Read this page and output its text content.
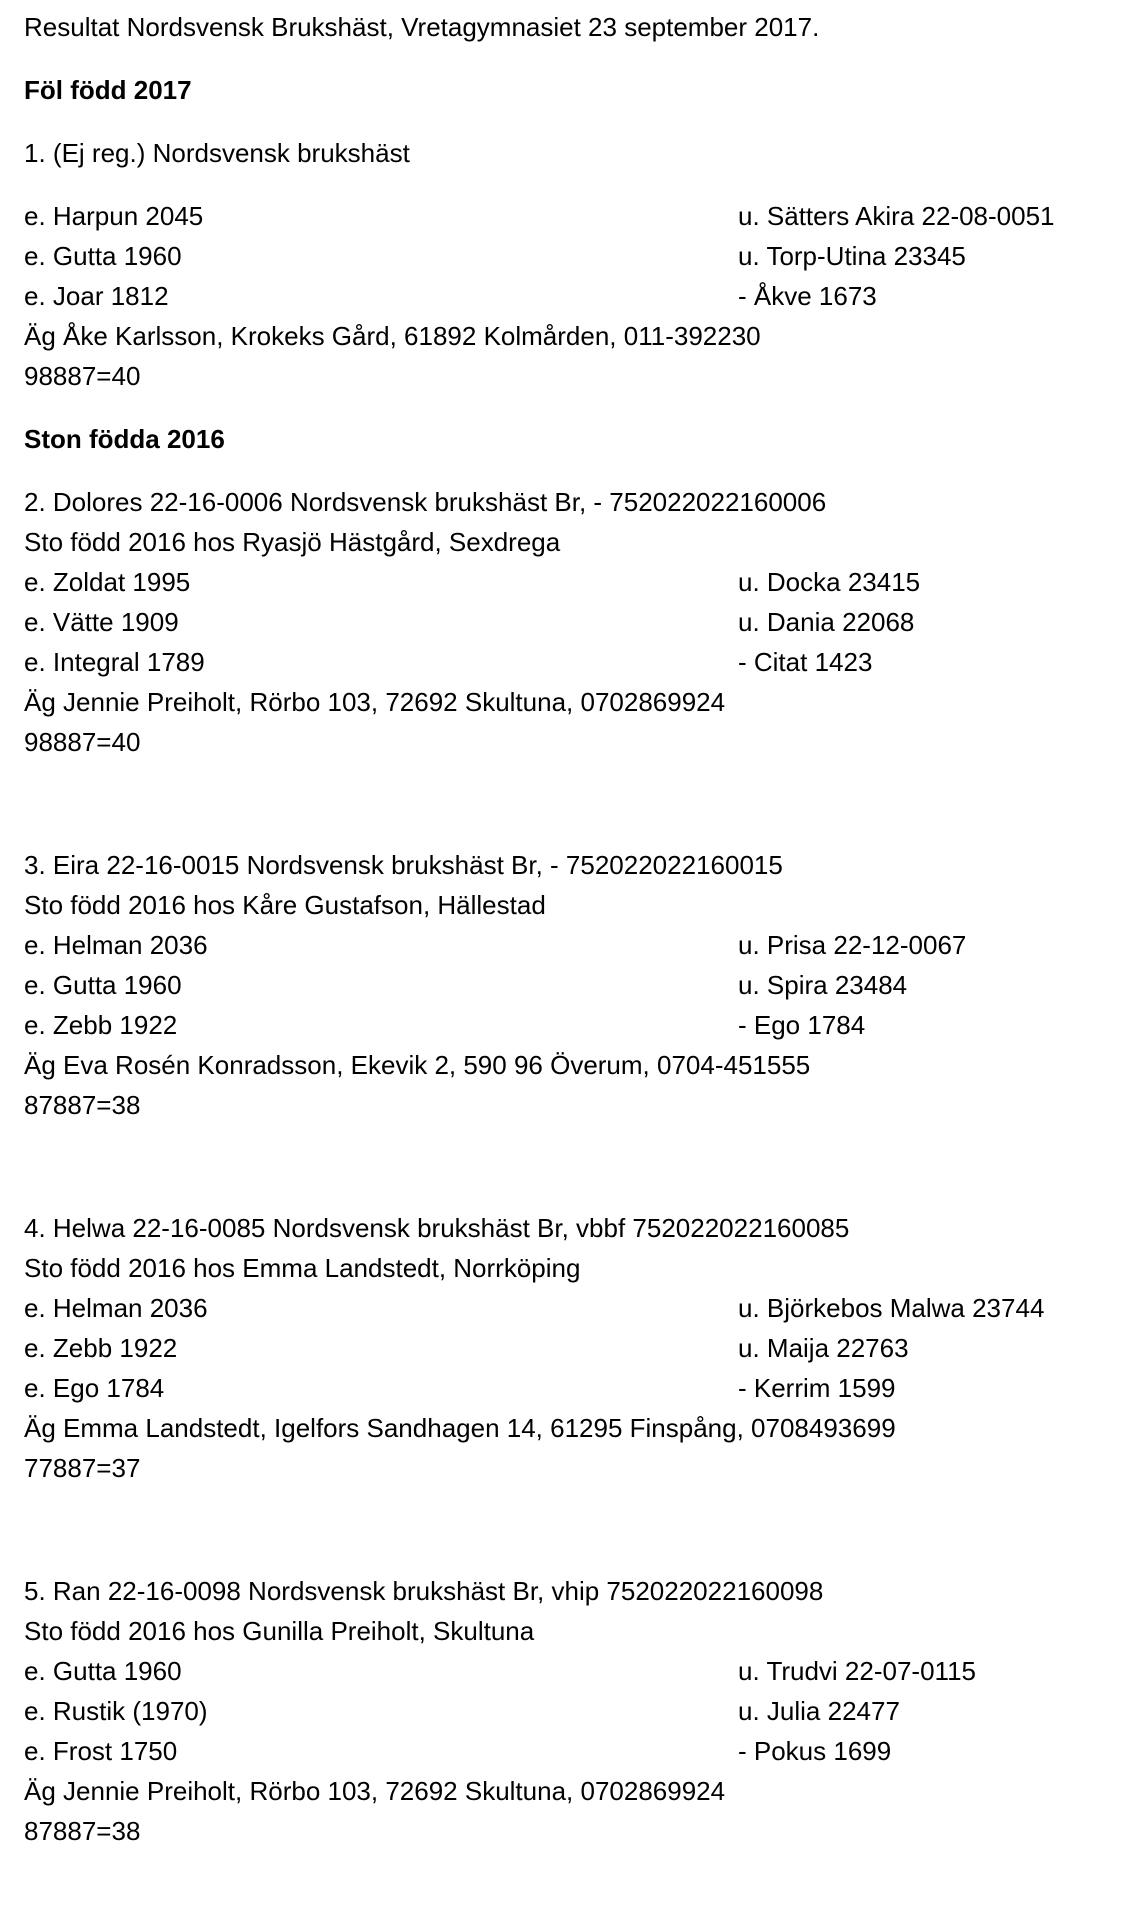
Resultat Nordsvensk Brukshäst, Vretagymnasiet 23 september 2017.
Föl född 2017
1. (Ej reg.) Nordsvensk brukshäst
e. Harpun 2045	u. Sätters Akira 22-08-0051
e. Gutta 1960	u. Torp-Utina 23345
e. Joar 1812	- Åkve 1673
Äg Åke Karlsson, Krokeks Gård, 61892 Kolmården, 011-392230
98887=40
Ston födda 2016
2. Dolores 22-16-0006 Nordsvensk brukshäst Br, - 752022022160006
Sto född 2016 hos Ryasjö Hästgård, Sexdrega
e. Zoldat 1995	u. Docka 23415
e. Vätte 1909	u. Dania 22068
e. Integral 1789	- Citat 1423
Äg Jennie Preiholt, Rörbo 103, 72692 Skultuna, 0702869924
98887=40
3. Eira 22-16-0015 Nordsvensk brukshäst Br, - 752022022160015
Sto född 2016 hos Kåre Gustafson, Hällestad
e. Helman 2036	u. Prisa 22-12-0067
e. Gutta 1960	u. Spira 23484
e. Zebb 1922	- Ego 1784
Äg Eva Rosén Konradsson, Ekevik 2, 590 96 Överum, 0704-451555
87887=38
4. Helwa 22-16-0085 Nordsvensk brukshäst Br, vbbf 752022022160085
Sto född 2016 hos Emma Landstedt, Norrköping
e. Helman 2036	u. Björkebos Malwa 23744
e. Zebb 1922	u. Maija 22763
e. Ego 1784	- Kerrim 1599
Äg Emma Landstedt, Igelfors Sandhagen 14, 61295 Finspång, 0708493699
77887=37
5. Ran 22-16-0098 Nordsvensk brukshäst Br, vhip 752022022160098
Sto född 2016 hos Gunilla Preiholt, Skultuna
e. Gutta 1960	u. Trudvi 22-07-0115
e. Rustik (1970)	u. Julia 22477
e. Frost 1750	- Pokus 1699
Äg Jennie Preiholt, Rörbo 103, 72692 Skultuna, 0702869924
87887=38
